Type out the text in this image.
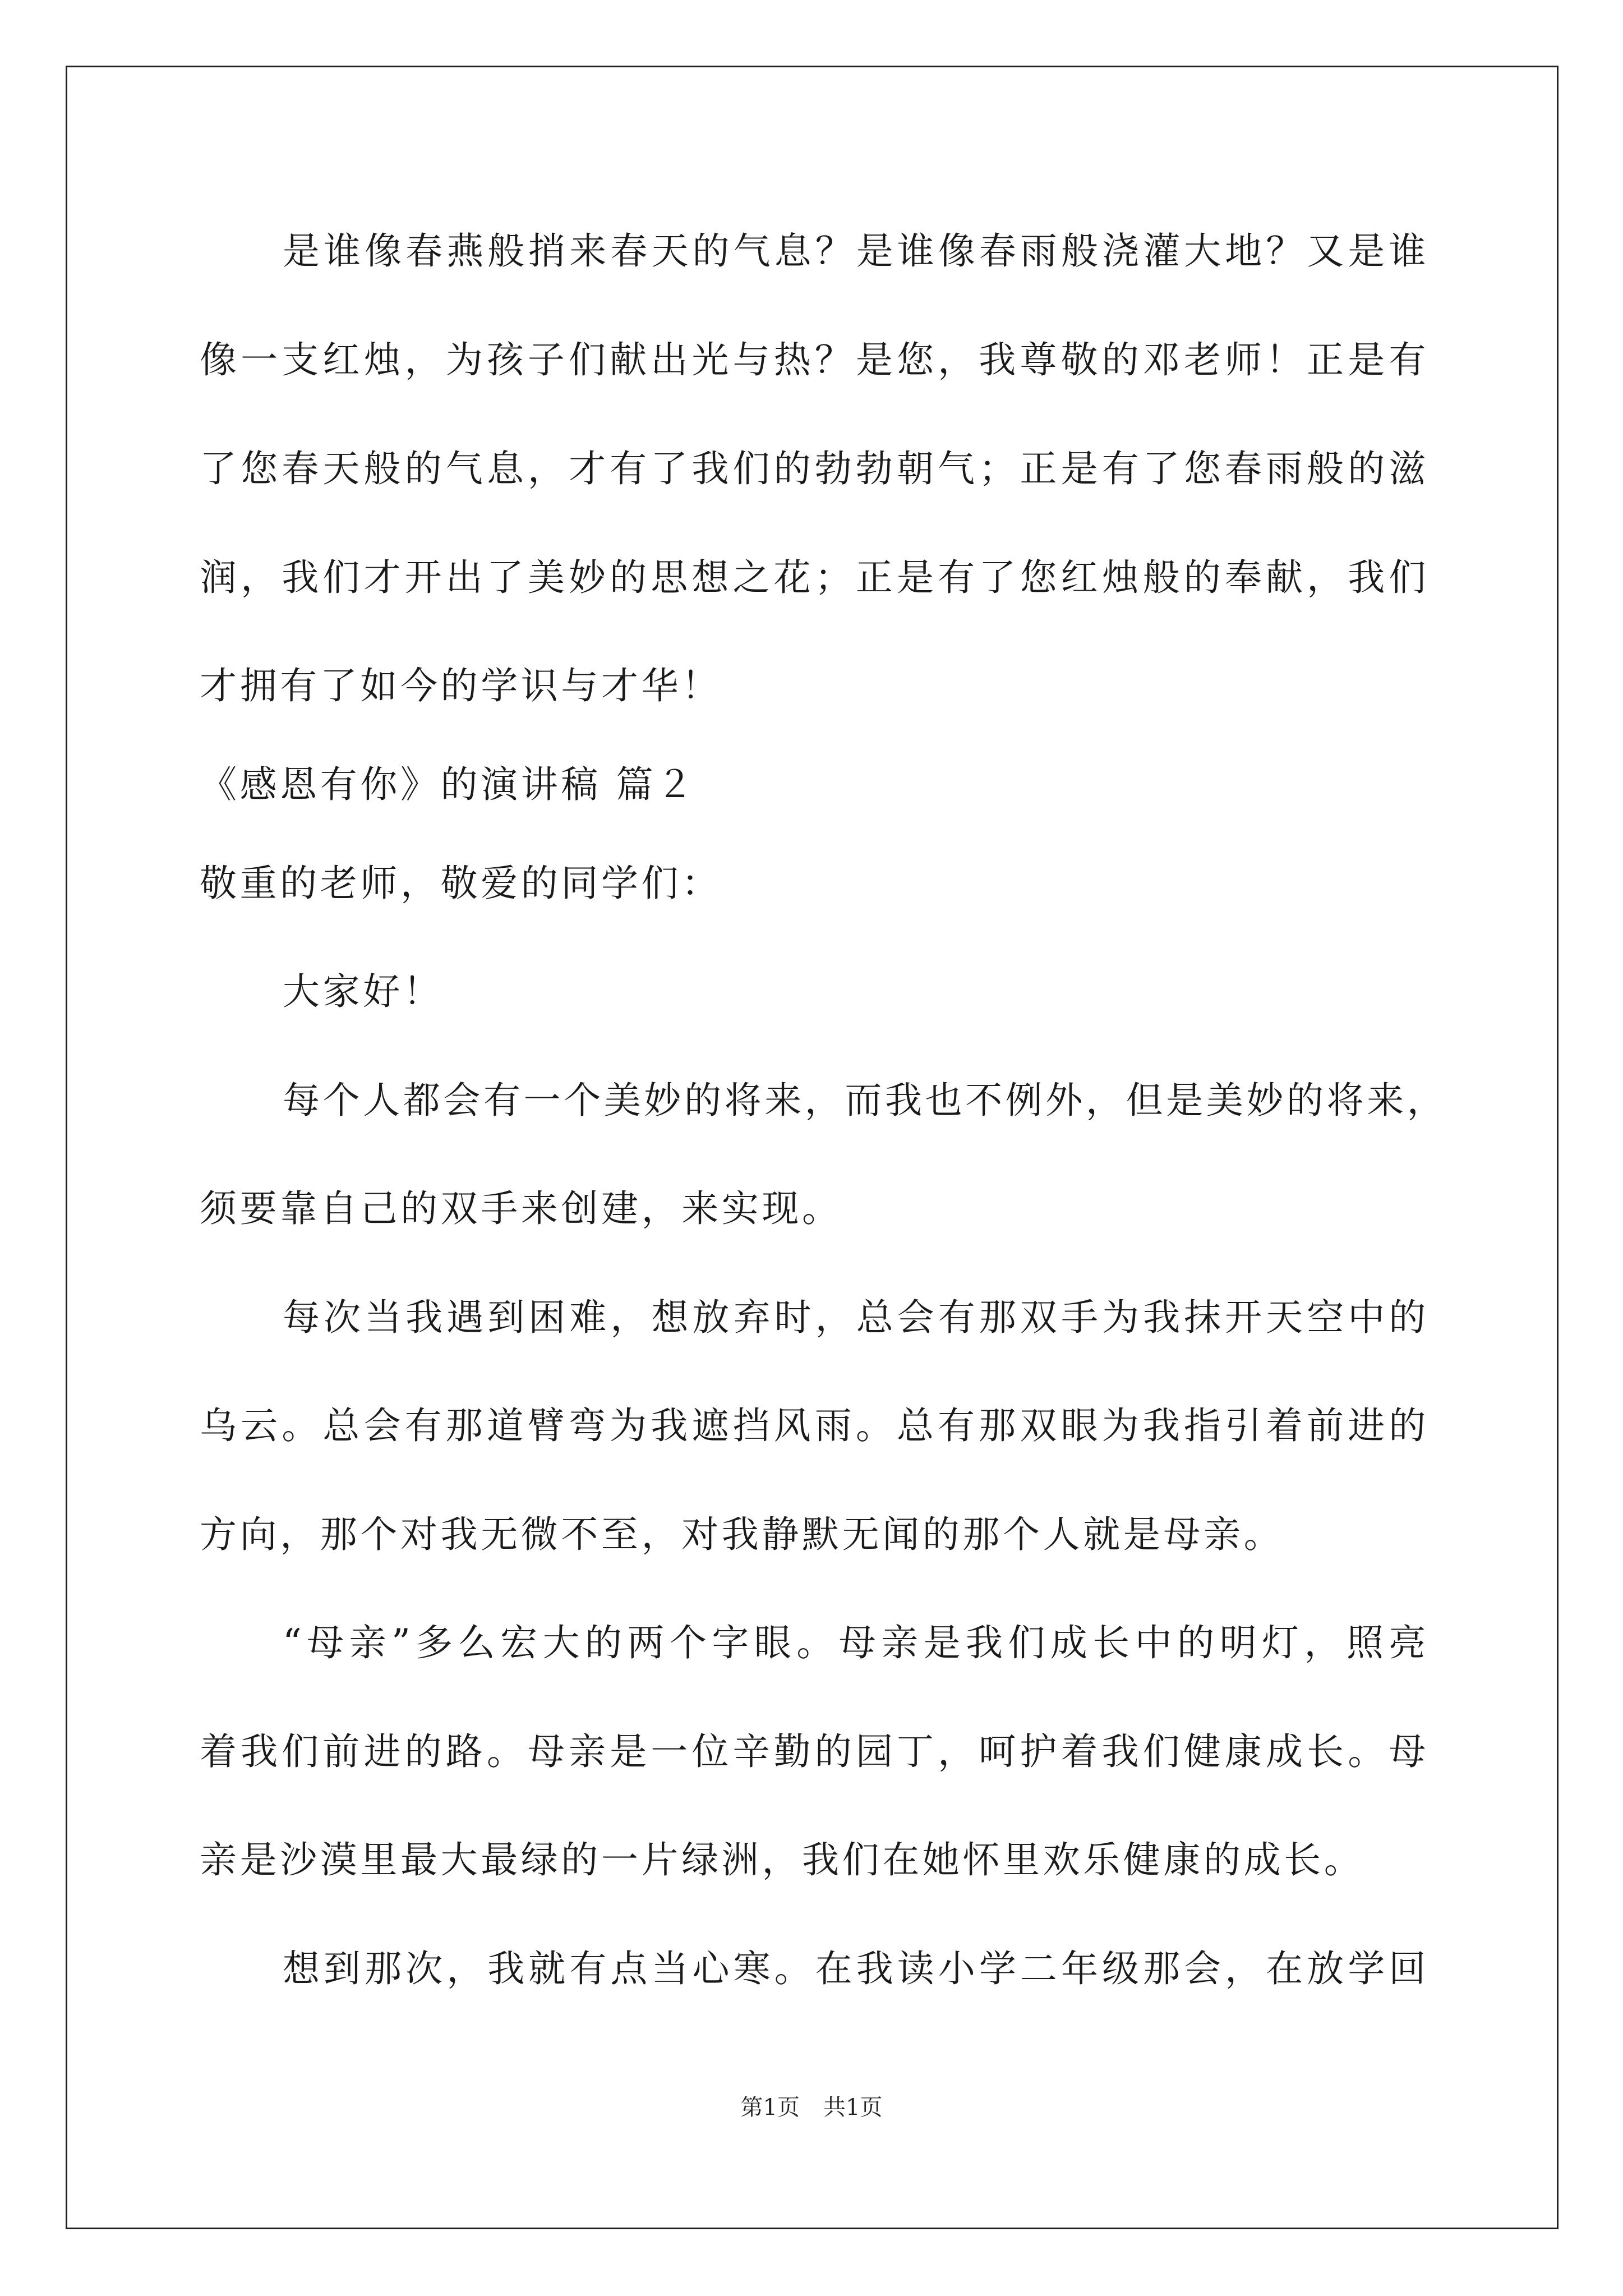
是谁像春燕般捎来春天的气息？是谁像春雨般浇灌大地？又是谁
像一支红烛，为孩子们献出光与热？是您，我尊敬的邓老师！正是有
了您春天般的气息，才有了我们的勃勃朝气；正是有了您春雨般的滋
润，我们才开出了美妙的思想之花；正是有了您红烛般的奉献，我们
才拥有了如今的学识与才华！
《感恩有你》的演讲稿 篇２
敬重的老师，敬爱的同学们：
大家好！
每个人都会有一个美妙的将来，而我也不例外，但是美妙的将来，
须要靠自己的双手来创建，来实现。
每次当我遇到困难，想放弃时，总会有那双手为我抹开天空中的
乌云。总会有那道臂弯为我遮挡风雨。总有那双眼为我指引着前进的
方向，那个对我无微不至，对我静默无闻的那个人就是母亲。
“母亲”多么宏大的两个字眼。母亲是我们成长中的明灯，照亮
着我们前进的路。母亲是一位辛勤的园丁，呵护着我们健康成长。母
亲是沙漠里最大最绿的一片绿洲，我们在她怀里欢乐健康的成长。
想到那次，我就有点当心寒。在我读小学二年级那会，在放学回
第1页 共1页
